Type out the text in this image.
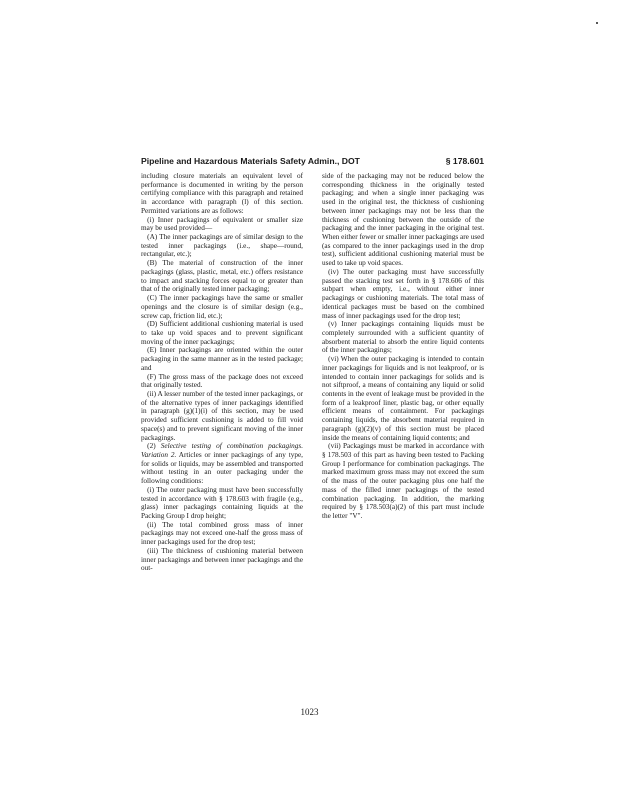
Pipeline and Hazardous Materials Safety Admin., DOT	§ 178.601

including closure materials an equivalent level of performance is documented in writing by the person certifying compliance with this paragraph and retained in accordance with paragraph (l) of this section. Permitted variations are as follows:

(i) Inner packagings of equivalent or smaller size may be used provided—

(A) The inner packagings are of similar design to the tested inner packagings (i.e., shape—round, rectangular, etc.);

(B) The material of construction of the inner packagings (glass, plastic, metal, etc.) offers resistance to impact and stacking forces equal to or greater than that of the originally tested inner packaging;

(C) The inner packagings have the same or smaller openings and the closure is of similar design (e.g., screw cap, friction lid, etc.);

(D) Sufficient additional cushioning material is used to take up void spaces and to prevent significant moving of the inner packagings;

(E) Inner packagings are oriented within the outer packaging in the same manner as in the tested package; and

(F) The gross mass of the package does not exceed that originally tested.

(ii) A lesser number of the tested inner packagings, or of the alternative types of inner packagings identified in paragraph (g)(1)(i) of this section, may be used provided sufficient cushioning is added to fill void space(s) and to prevent significant moving of the inner packagings.

(2) Selective testing of combination packagings. Variation 2. Articles or inner packagings of any type, for solids or liquids, may be assembled and transported without testing in an outer packaging under the following conditions:

(i) The outer packaging must have been successfully tested in accordance with § 178.603 with fragile (e.g., glass) inner packagings containing liquids at the Packing Group I drop height;

(ii) The total combined gross mass of inner packagings may not exceed one-half the gross mass of inner packagings used for the drop test;

(iii) The thickness of cushioning material between inner packagings and between inner packagings and the out-

side of the packaging may not be reduced below the corresponding thickness in the originally tested packaging; and when a single inner packaging was used in the original test, the thickness of cushioning between inner packagings may not be less than the thickness of cushioning between the outside of the packaging and the inner packaging in the original test. When either fewer or smaller inner packagings are used (as compared to the inner packagings used in the drop test), sufficient additional cushioning material must be used to take up void spaces.

(iv) The outer packaging must have successfully passed the stacking test set forth in § 178.606 of this subpart when empty, i.e., without either inner packagings or cushioning materials. The total mass of identical packages must be based on the combined mass of inner packagings used for the drop test;

(v) Inner packagings containing liquids must be completely surrounded with a sufficient quantity of absorbent material to absorb the entire liquid contents of the inner packagings;

(vi) When the outer packaging is intended to contain inner packagings for liquids and is not leakproof, or is intended to contain inner packagings for solids and is not siftproof, a means of containing any liquid or solid contents in the event of leakage must be provided in the form of a leakproof liner, plastic bag, or other equally efficient means of containment. For packagings containing liquids, the absorbent material required in paragraph (g)(2)(v) of this section must be placed inside the means of containing liquid contents; and

(vii) Packagings must be marked in accordance with § 178.503 of this part as having been tested to Packing Group I performance for combination packagings. The marked maximum gross mass may not exceed the sum of the mass of the outer packaging plus one half the mass of the filled inner packagings of the tested combination packaging. In addition, the marking required by § 178.503(a)(2) of this part must include the letter "V".

1023
